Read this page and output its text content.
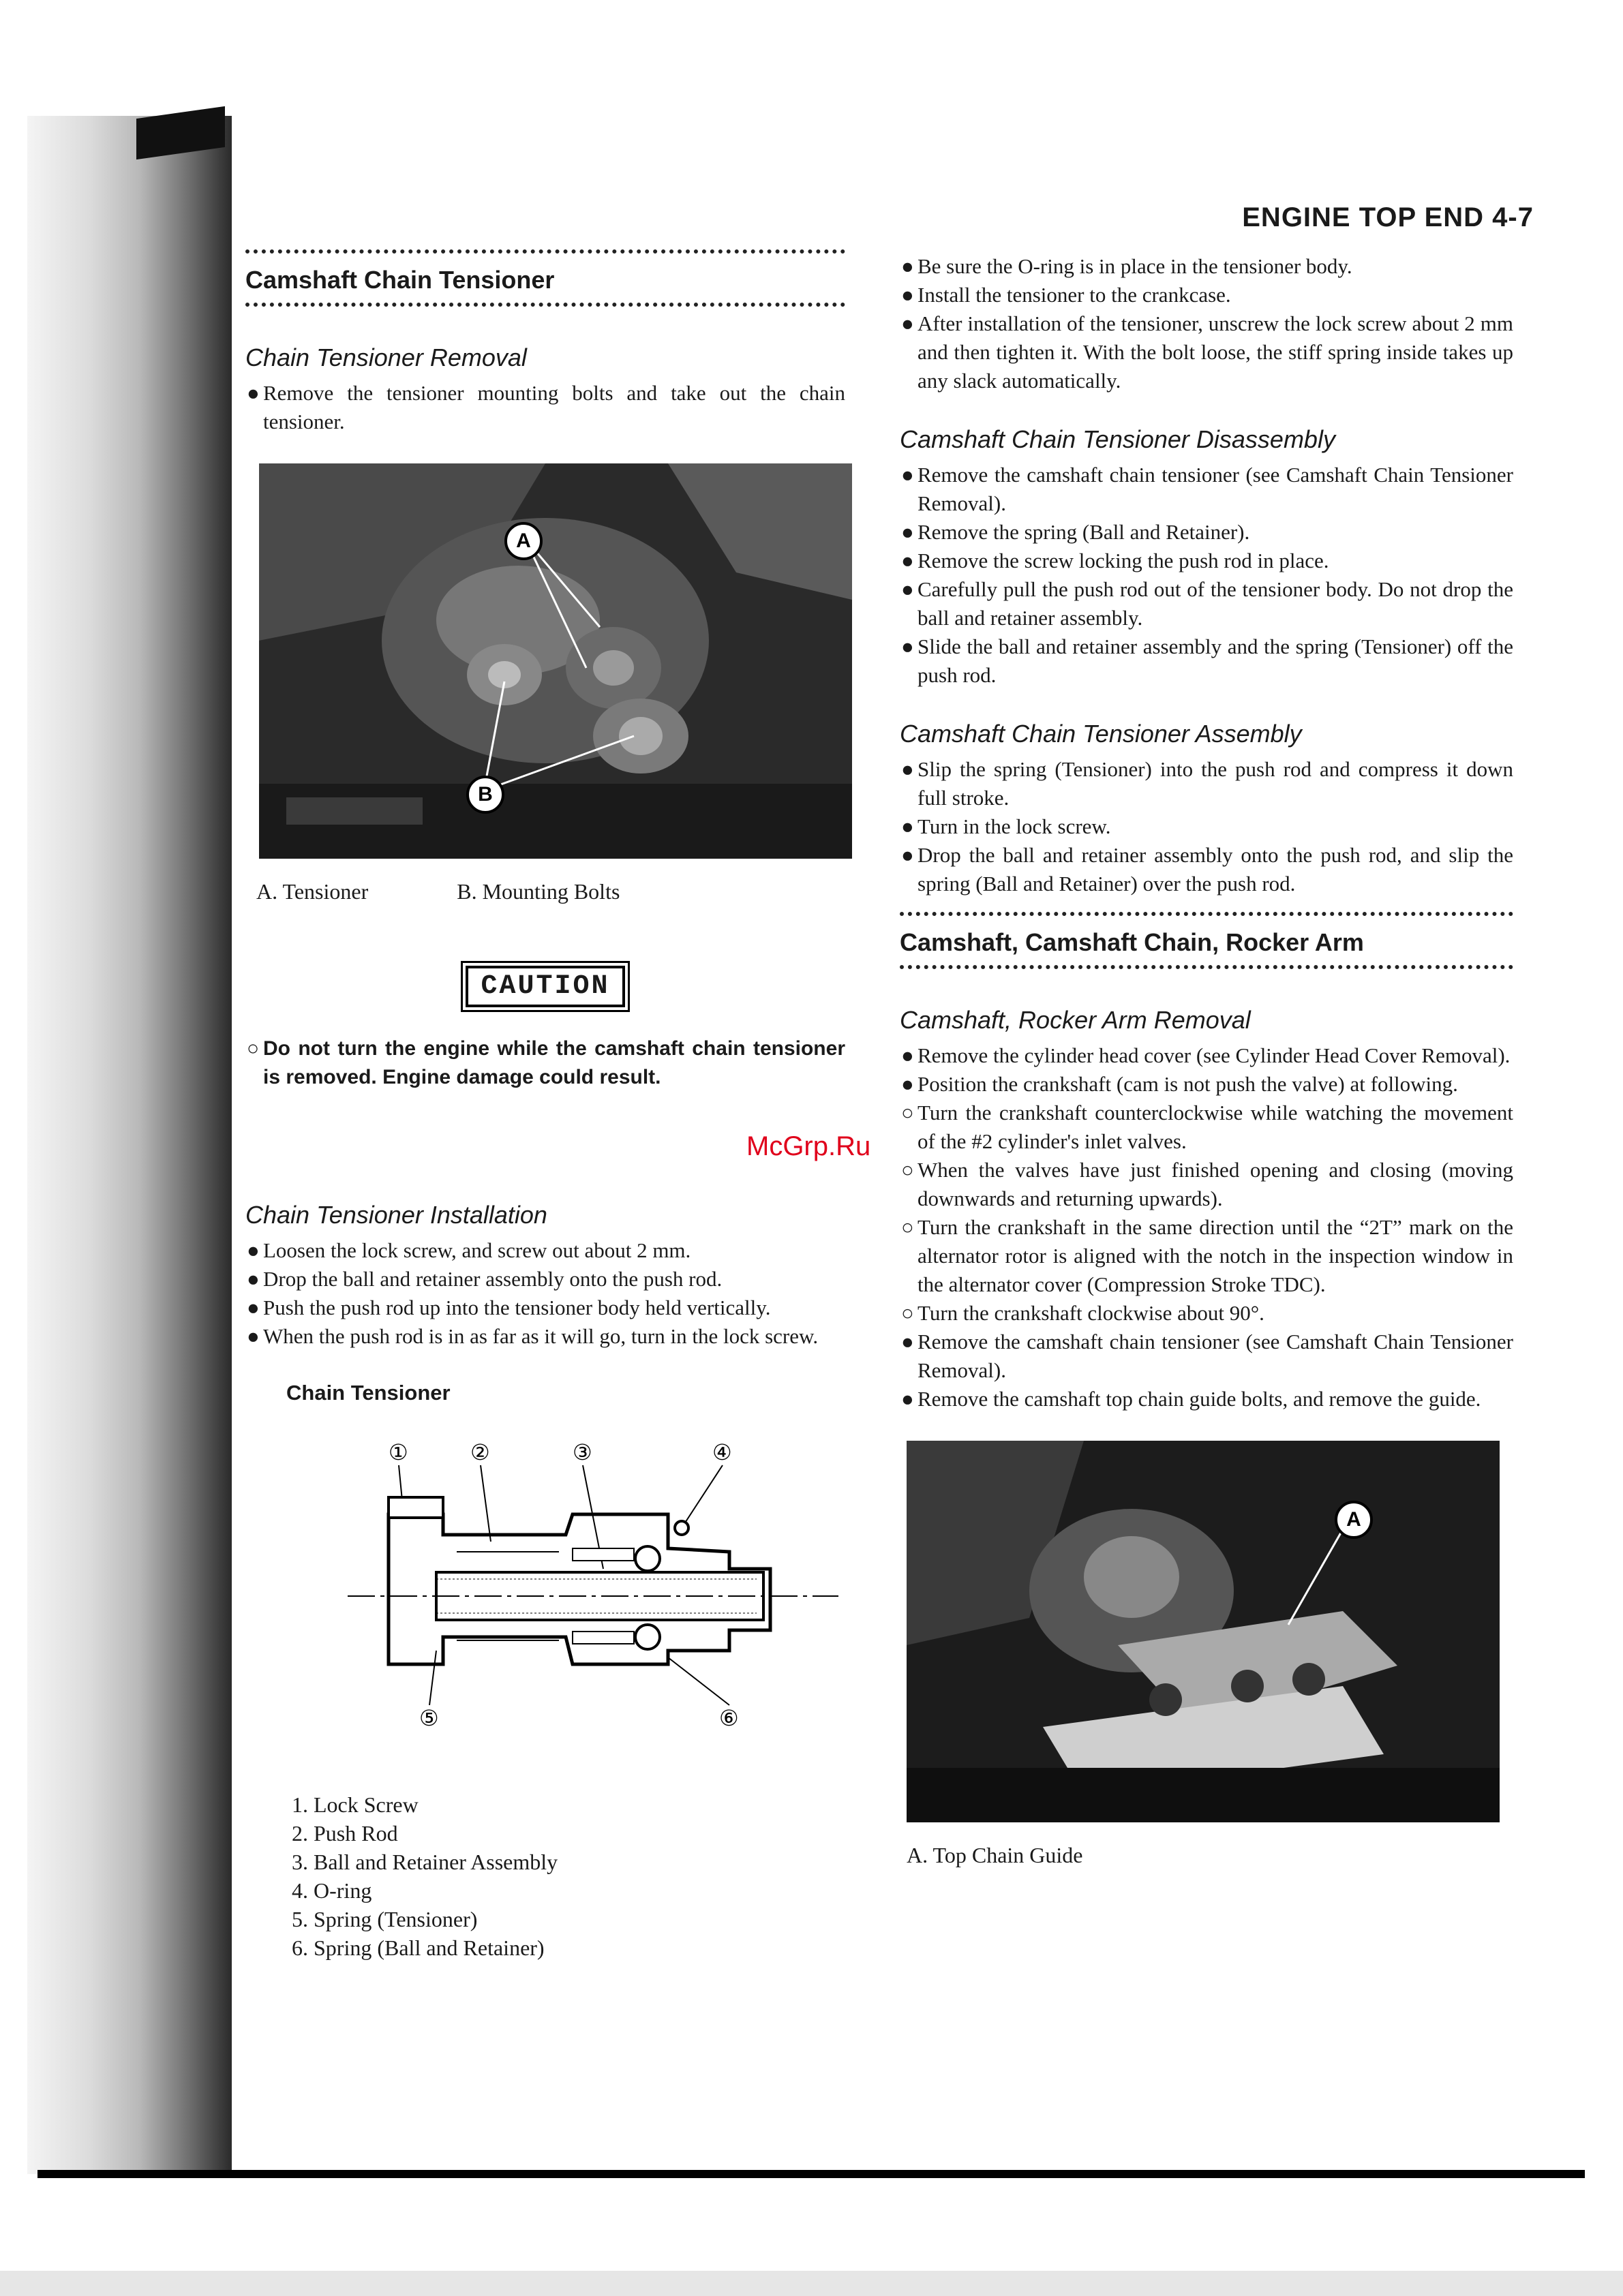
ENGINE TOP END 4-7
Camshaft Chain Tensioner
Chain Tensioner Removal

● Remove the tensioner mounting bolts and take out the chain tensioner.

A
B
A. Tensioner	B. Mounting Bolts
CAUTION

○ Do not turn the engine while the camshaft chain tensioner is removed. Engine damage could result.

Chain Tensioner Installation

● Loosen the lock screw, and screw out about 2 mm.

● Drop the ball and retainer assembly onto the push rod.

● Push the push rod up into the tensioner body held vertically.

● When the push rod is in as far as it will go, turn in the lock screw.

Chain Tensioner
①	②	③	④
⑤	⑥
1. Lock Screw
2. Push Rod
3. Ball and Retainer Assembly
4. O-ring
5. Spring (Tensioner)
6. Spring (Ball and Retainer)

● Be sure the O-ring is in place in the tensioner body.

● Install the tensioner to the crankcase.

● After installation of the tensioner, unscrew the lock screw about 2 mm and then tighten it. With the bolt loose, the stiff spring inside takes up any slack automatically.

Camshaft Chain Tensioner Disassembly

● Remove the camshaft chain tensioner (see Camshaft Chain Tensioner Removal).

● Remove the spring (Ball and Retainer).

● Remove the screw locking the push rod in place.

● Carefully pull the push rod out of the tensioner body. Do not drop the ball and retainer assembly.

● Slide the ball and retainer assembly and the spring (Tensioner) off the push rod.

Camshaft Chain Tensioner Assembly

● Slip the spring (Tensioner) into the push rod and compress it down full stroke.

● Turn in the lock screw.

● Drop the ball and retainer assembly onto the push rod, and slip the spring (Ball and Retainer) over the push rod.

Camshaft, Camshaft Chain, Rocker Arm
Camshaft, Rocker Arm Removal

● Remove the cylinder head cover (see Cylinder Head Cover Removal).

● Position the crankshaft (cam is not push the valve) at following.

○ Turn the crankshaft counterclockwise while watching the movement of the #2 cylinder's inlet valves.

○ When the valves have just finished opening and closing (moving downwards and returning upwards).

○ Turn the crankshaft in the same direction until the “2T” mark on the alternator rotor is aligned with the notch in the inspection window in the alternator cover (Compression Stroke TDC).

○ Turn the crankshaft clockwise about 90°.

● Remove the camshaft chain tensioner (see Camshaft Chain Tensioner Removal).

● Remove the camshaft top chain guide bolts, and remove the guide.

A
A. Top Chain Guide
McGrp.Ru
